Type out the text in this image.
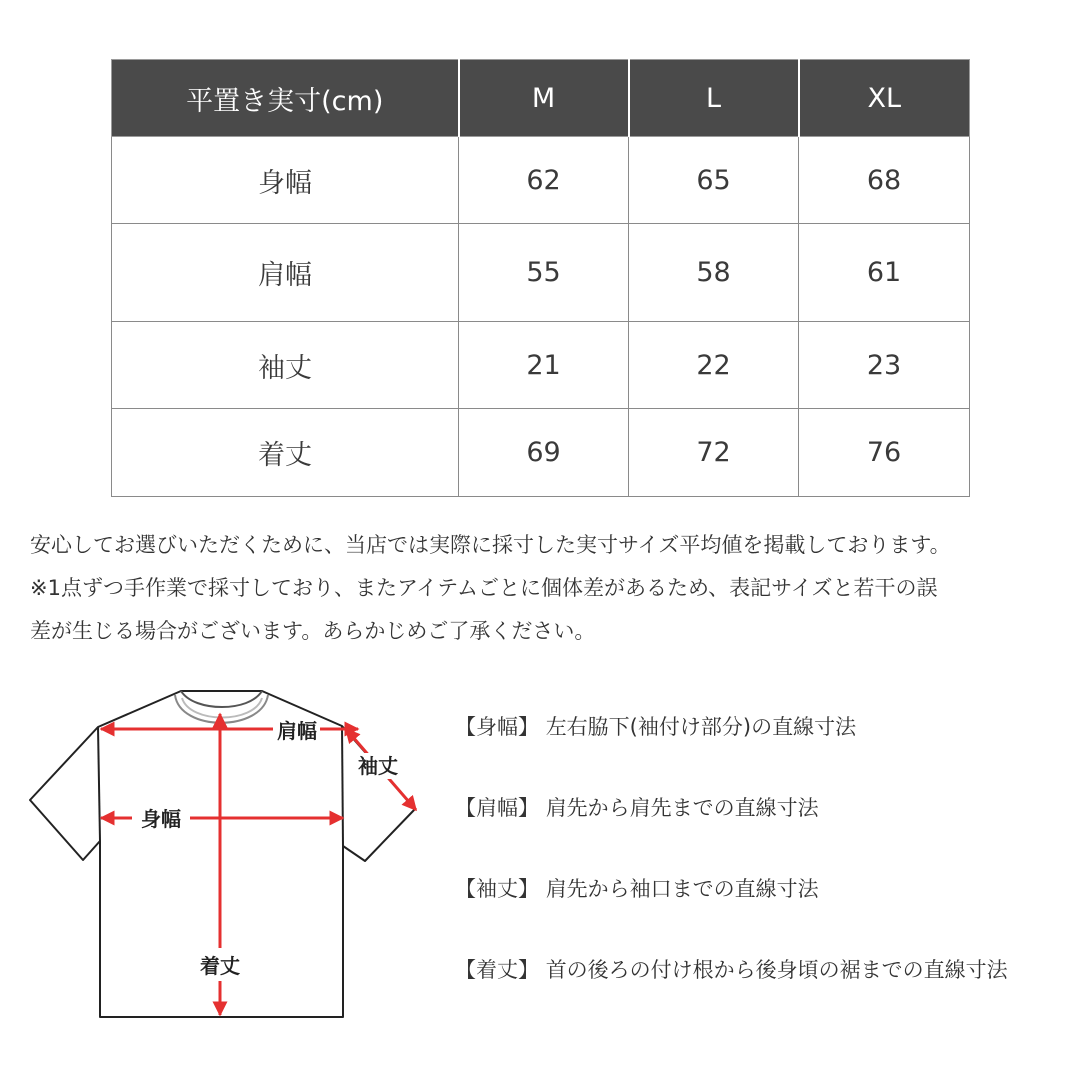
平置き実寸(cm)	M	L	XL
身幅	62	65	68
肩幅	55	58	61
袖丈	21	22	23
着丈	69	72	76

安心してお選びいただくために、当店では実際に採寸した実寸サイズ平均値を掲載しております。

※1点ずつ手作業で採寸しており、またアイテムごとに個体差があるため、表記サイズと若干の誤

差が生じる場合がございます。あらかじめご了承ください。

肩幅
袖丈
身幅
着丈
【身幅】 左右脇下(袖付け部分)の直線寸法
【肩幅】 肩先から肩先までの直線寸法
【袖丈】 肩先から袖口までの直線寸法
【着丈】 首の後ろの付け根から後身頃の裾までの直線寸法
